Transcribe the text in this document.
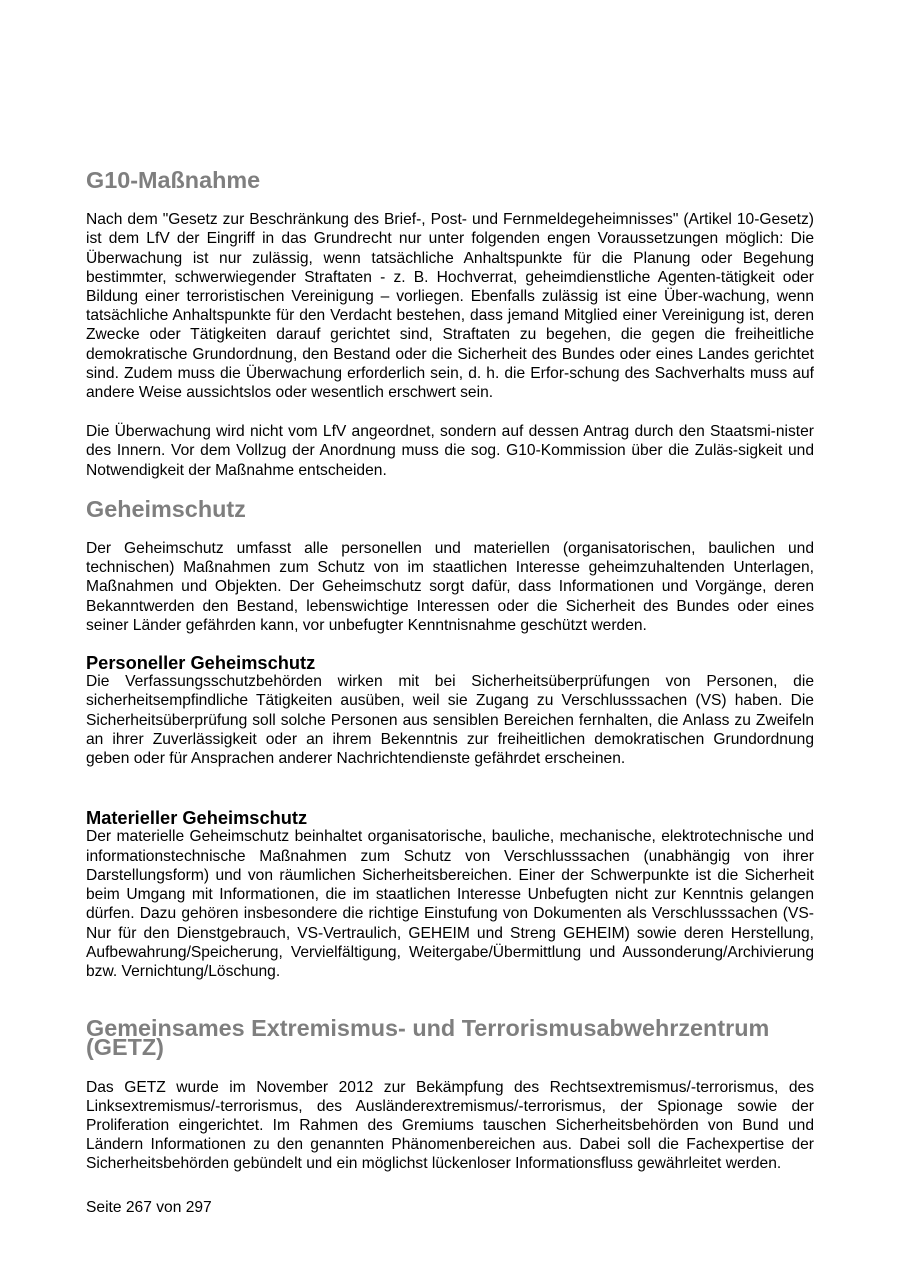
G10-Maßnahme

Nach dem "Gesetz zur Beschränkung des Brief-, Post- und Fernmeldegeheimnisses" (Artikel 10-Gesetz) ist dem LfV der Eingriff in das Grundrecht nur unter folgenden engen Voraussetzungen möglich: Die Überwachung ist nur zulässig, wenn tatsächliche Anhaltspunkte für die Planung oder Begehung bestimmter, schwerwiegender Straftaten - z. B. Hochverrat, geheimdienstliche Agenten-tätigkeit oder Bildung einer terroristischen Vereinigung – vorliegen. Ebenfalls zulässig ist eine Über-wachung, wenn tatsächliche Anhaltspunkte für den Verdacht bestehen, dass jemand Mitglied einer Vereinigung ist, deren Zwecke oder Tätigkeiten darauf gerichtet sind, Straftaten zu begehen, die gegen die freiheitliche demokratische Grundordnung, den Bestand oder die Sicherheit des Bundes oder eines Landes gerichtet sind. Zudem muss die Überwachung erforderlich sein, d. h. die Erfor-schung des Sachverhalts muss auf andere Weise aussichtslos oder wesentlich erschwert sein.

Die Überwachung wird nicht vom LfV angeordnet, sondern auf dessen Antrag durch den Staatsmi-nister des Innern. Vor dem Vollzug der Anordnung muss die sog. G10-Kommission über die Zuläs-sigkeit und Notwendigkeit der Maßnahme entscheiden.

Geheimschutz

Der Geheimschutz umfasst alle personellen und materiellen (organisatorischen, baulichen und technischen) Maßnahmen zum Schutz von im staatlichen Interesse geheimzuhaltenden Unterlagen, Maßnahmen und Objekten. Der Geheimschutz sorgt dafür, dass Informationen und Vorgänge, deren Bekanntwerden den Bestand, lebenswichtige Interessen oder die Sicherheit des Bundes oder eines seiner Länder gefährden kann, vor unbefugter Kenntnisnahme geschützt werden.

Personeller Geheimschutz

Die Verfassungsschutzbehörden wirken mit bei Sicherheitsüberprüfungen von Personen, die sicherheitsempfindliche Tätigkeiten ausüben, weil sie Zugang zu Verschlusssachen (VS) haben. Die Sicherheitsüberprüfung soll solche Personen aus sensiblen Bereichen fernhalten, die Anlass zu Zweifeln an ihrer Zuverlässigkeit oder an ihrem Bekenntnis zur freiheitlichen demokratischen Grundordnung geben oder für Ansprachen anderer Nachrichtendienste gefährdet erscheinen.

Materieller Geheimschutz

Der materielle Geheimschutz beinhaltet organisatorische, bauliche, mechanische, elektrotechnische und informationstechnische Maßnahmen zum Schutz von Verschlusssachen (unabhängig von ihrer Darstellungsform) und von räumlichen Sicherheitsbereichen. Einer der Schwerpunkte ist die Sicherheit beim Umgang mit Informationen, die im staatlichen Interesse Unbefugten nicht zur Kenntnis gelangen dürfen. Dazu gehören insbesondere die richtige Einstufung von Dokumenten als Verschlusssachen (VS-Nur für den Dienstgebrauch, VS-Vertraulich, GEHEIM und Streng GEHEIM) sowie deren Herstellung, Aufbewahrung/Speicherung, Vervielfältigung, Weitergabe/Übermittlung und Aussonderung/Archivierung bzw. Vernichtung/Löschung.

Gemeinsames Extremismus- und Terrorismusabwehrzentrum (GETZ)

Das GETZ wurde im November 2012 zur Bekämpfung des Rechtsextremismus/-terrorismus, des Linksextremismus/-terrorismus, des Ausländerextremismus/-terrorismus, der Spionage sowie der Proliferation eingerichtet. Im Rahmen des Gremiums tauschen Sicherheitsbehörden von Bund und Ländern Informationen zu den genannten Phänomenbereichen aus. Dabei soll die Fachexpertise der Sicherheitsbehörden gebündelt und ein möglichst lückenloser Informationsfluss gewährleitet werden.

Seite 267 von 297
